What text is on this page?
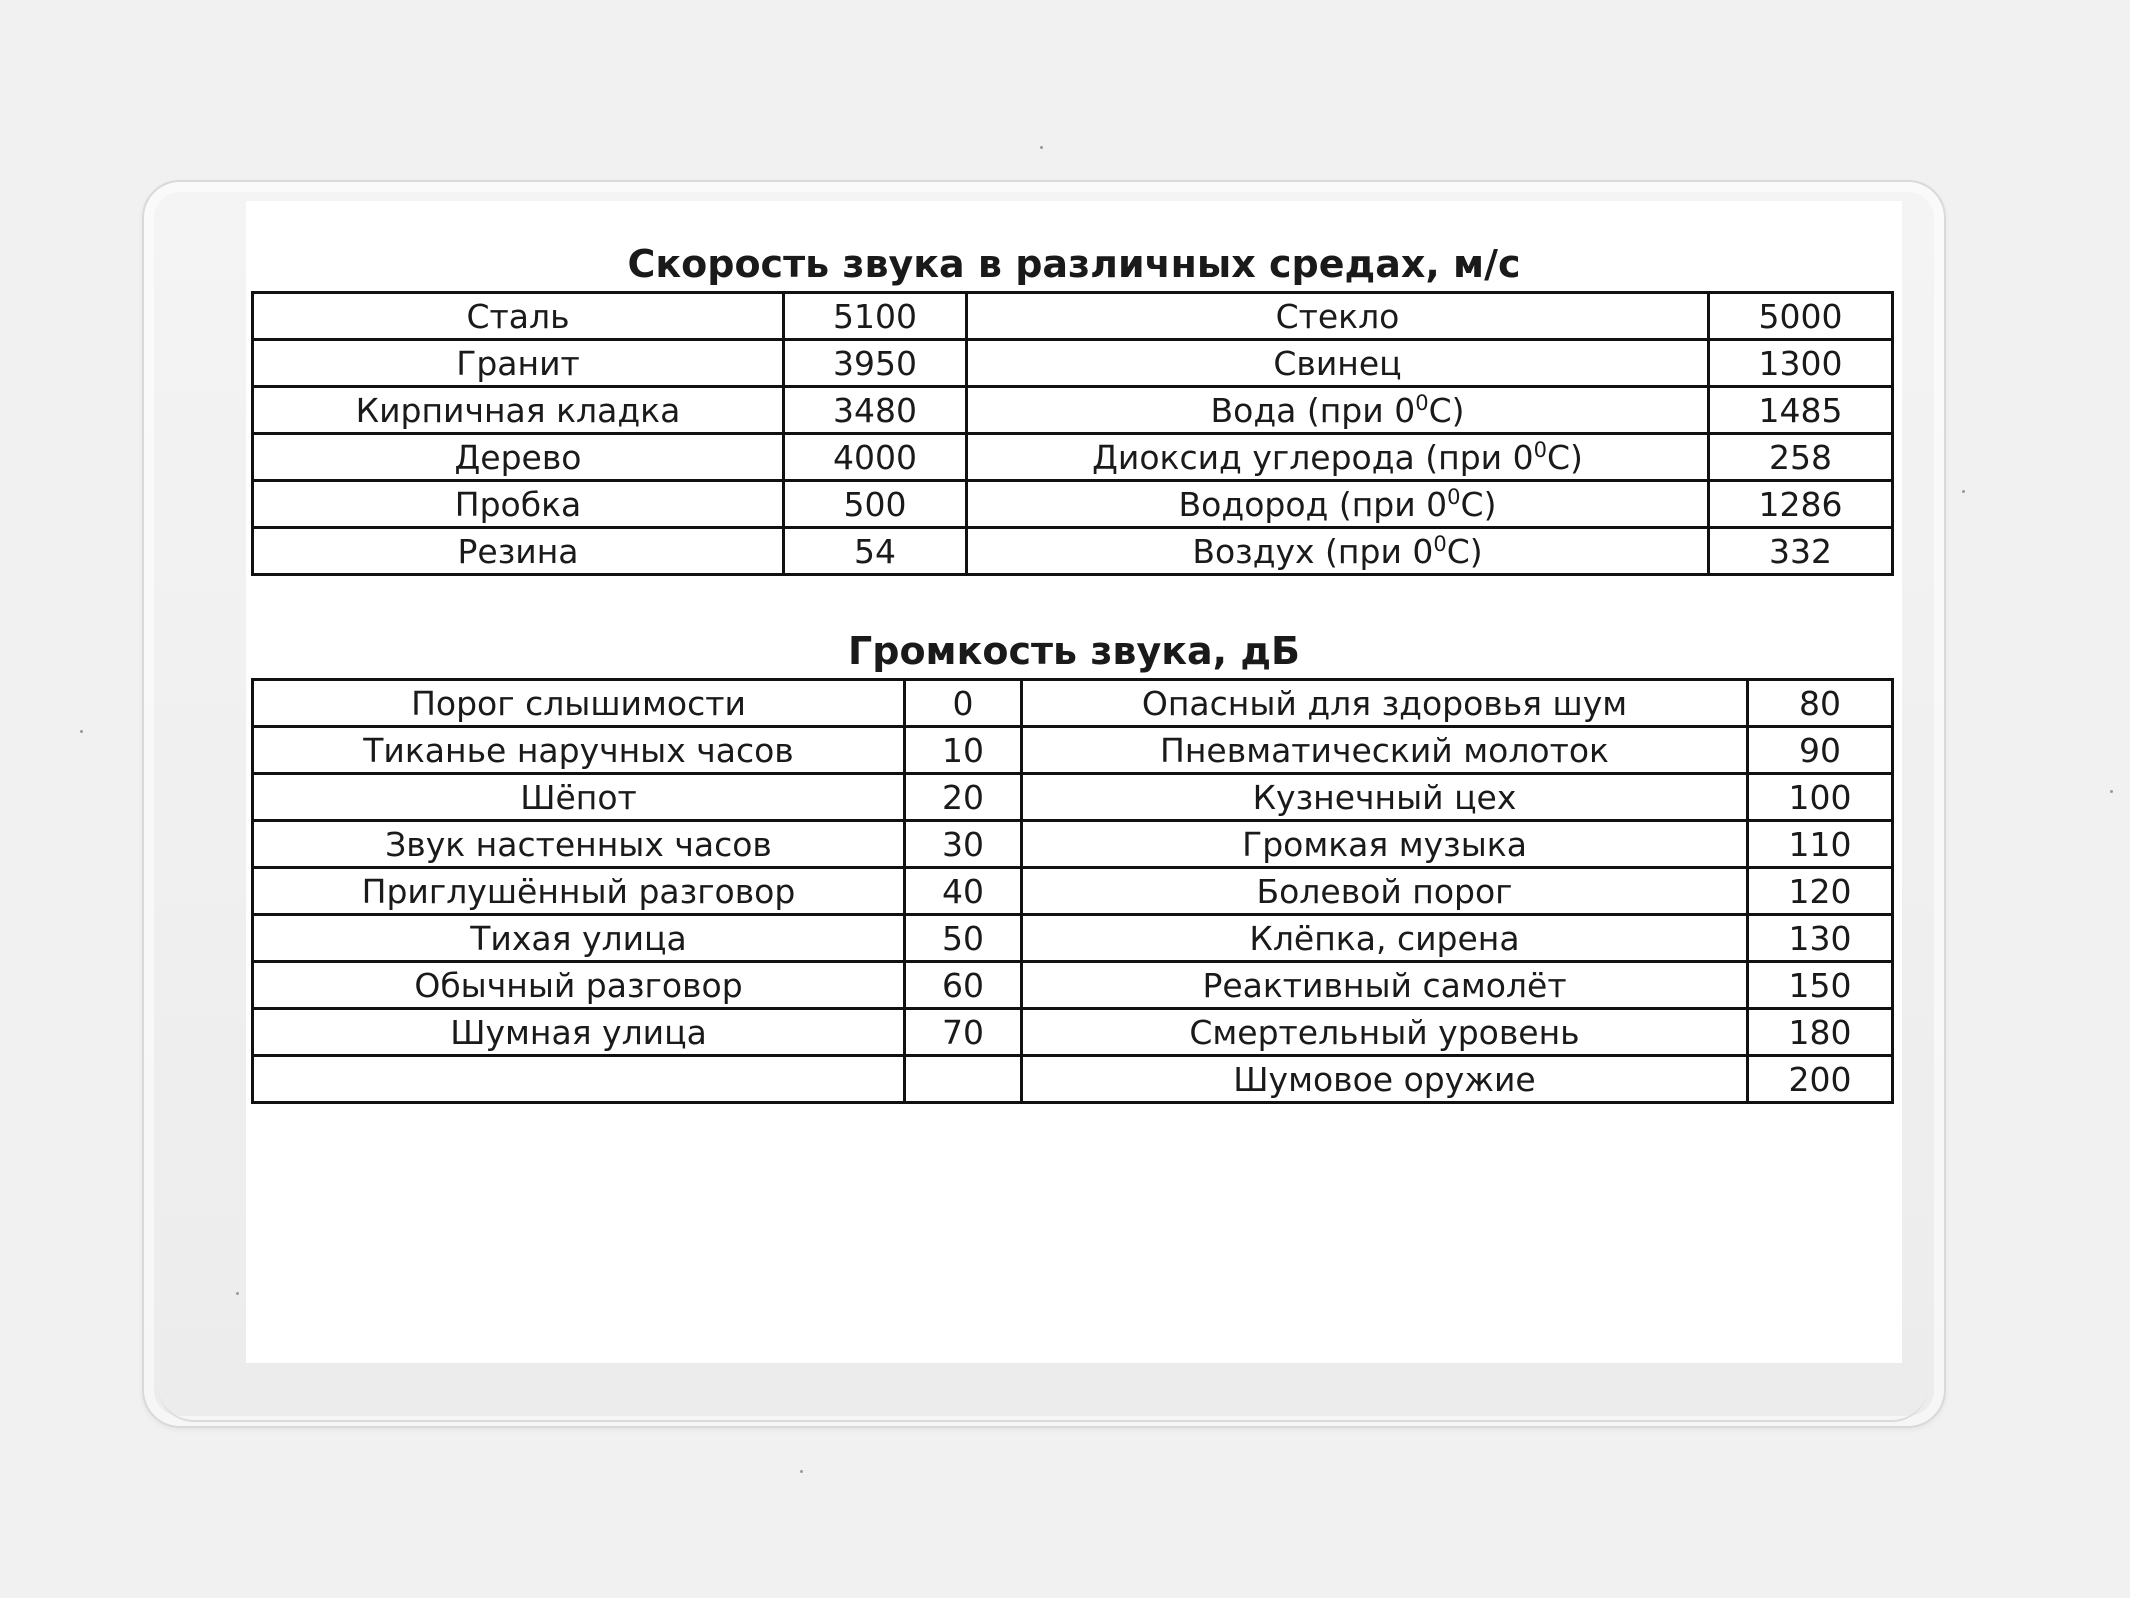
Скорость звука в различных средах, м/с
Сталь	5100	Стекло	5000
Гранит	3950	Свинец	1300
Кирпичная кладка	3480	Вода (при $0^0С$)	1485
Дерево	4000	Диоксид углерода (при $0^0С$)	258
Пробка	500	Водород (при $0^0С$)	1286
Резина	54	Воздух (при $0^0С$)	332
Громкость звука, дБ
Порог слышимости	0	Опасный для здоровья шум	80
Тиканье наручных часов	10	Пневматический молоток	90
Шёпот	20	Кузнечный цех	100
Звук настенных часов	30	Громкая музыка	110
Приглушённый разговор	40	Болевой порог	120
Тихая улица	50	Клёпка, сирена	130
Обычный разговор	60	Реактивный самолёт	150
Шумная улица	70	Смертельный уровень	180
		Шумовое оружие	200
